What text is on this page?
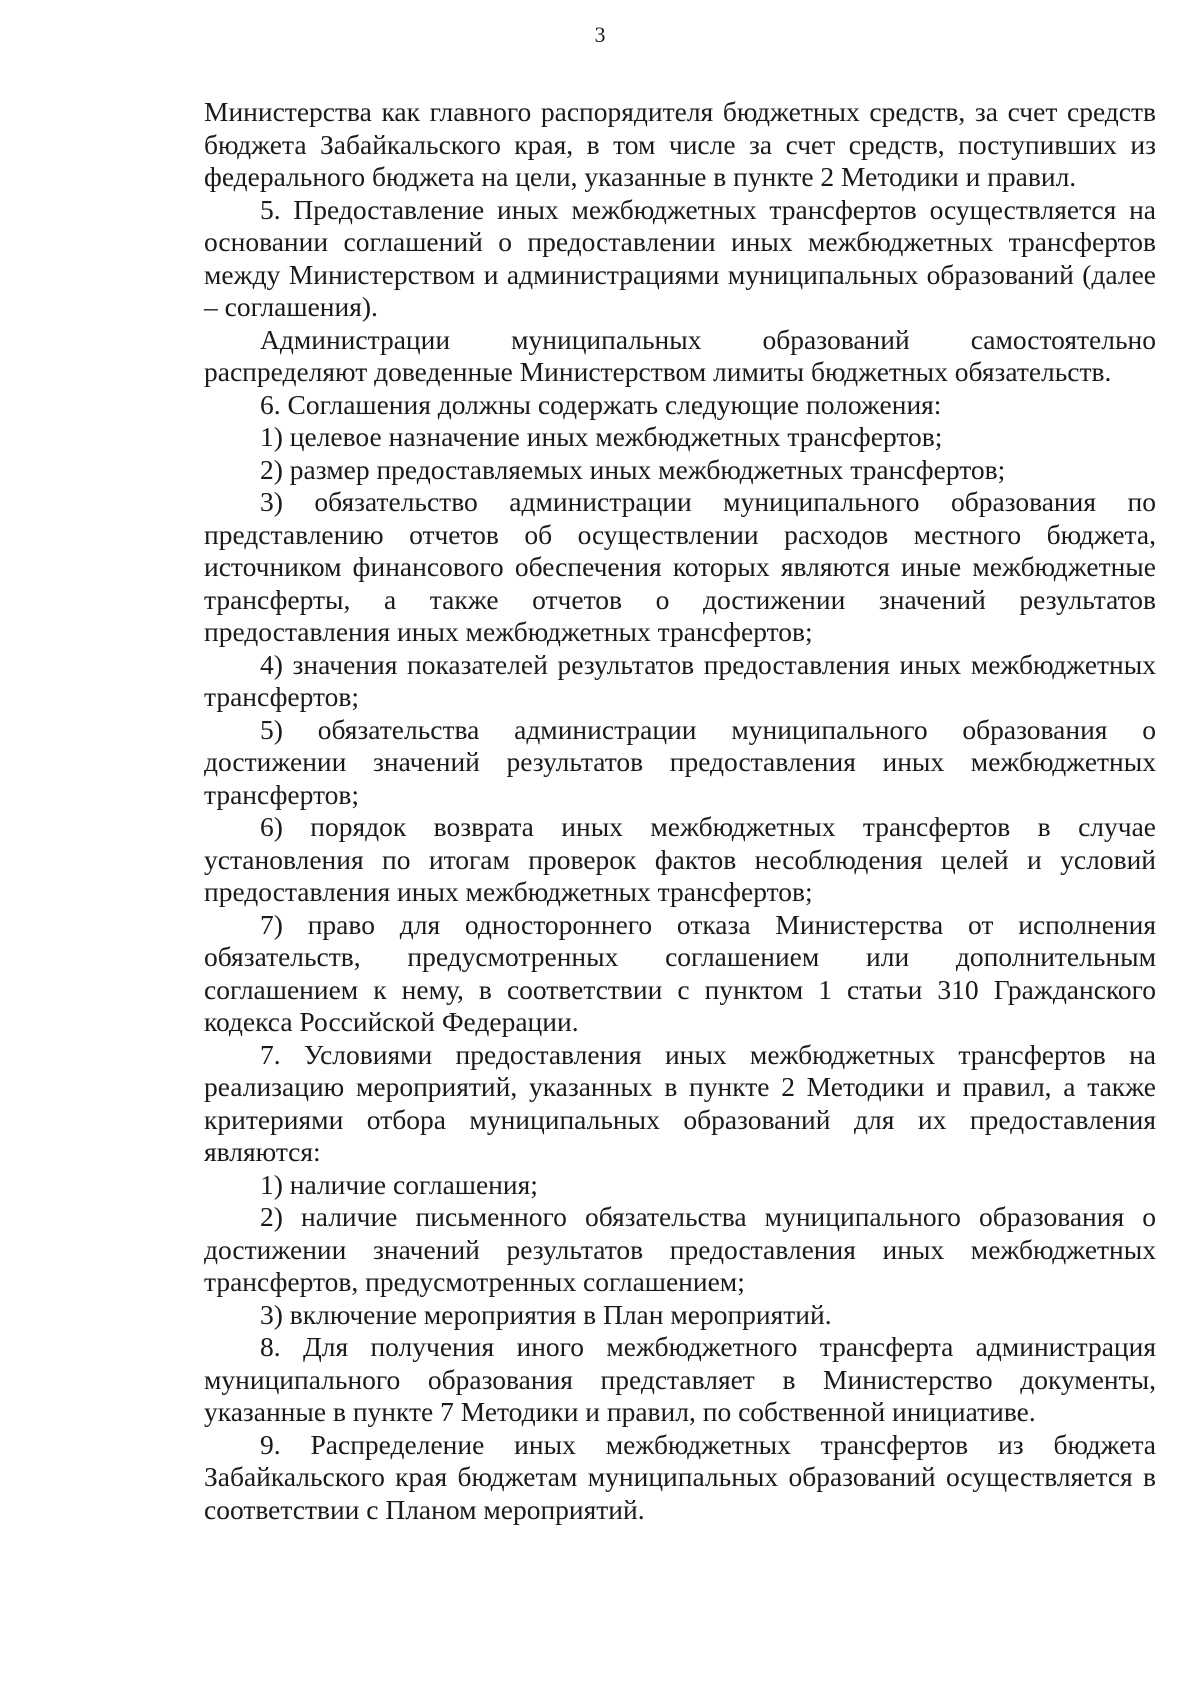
3

Министерства как главного распорядителя бюджетных средств, за счет средств бюджета Забайкальского края, в том числе за счет средств, поступивших из федерального бюджета на цели, указанные в пункте 2 Методики и правил.

5. Предоставление иных межбюджетных трансфертов осуществляется на основании соглашений о предоставлении иных межбюджетных трансфертов между Министерством и администрациями муниципальных образований (далее – соглашения).

Администрации муниципальных образований самостоятельно распределяют доведенные Министерством лимиты бюджетных обязательств.

6. Соглашения должны содержать следующие положения:

1) целевое назначение иных межбюджетных трансфертов;

2) размер предоставляемых иных межбюджетных трансфертов;

3) обязательство администрации муниципального образования по представлению отчетов об осуществлении расходов местного бюджета, источником финансового обеспечения которых являются иные межбюджетные трансферты, а также отчетов о достижении значений результатов предоставления иных межбюджетных трансфертов;

4) значения показателей результатов предоставления иных межбюджетных трансфертов;

5) обязательства администрации муниципального образования о достижении значений результатов предоставления иных межбюджетных трансфертов;

6) порядок возврата иных межбюджетных трансфертов в случае установления по итогам проверок фактов несоблюдения целей и условий предоставления иных межбюджетных трансфертов;

7) право для одностороннего отказа Министерства от исполнения обязательств, предусмотренных соглашением или дополнительным соглашением к нему, в соответствии с пунктом 1 статьи 310 Гражданского кодекса Российской Федерации.

7. Условиями предоставления иных межбюджетных трансфертов на реализацию мероприятий, указанных в пункте 2 Методики и правил, а также критериями отбора муниципальных образований для их предоставления являются:

1) наличие соглашения;

2) наличие письменного обязательства муниципального образования о достижении значений результатов предоставления иных межбюджетных трансфертов, предусмотренных соглашением;

3) включение мероприятия в План мероприятий.

8. Для получения иного межбюджетного трансферта администрация муниципального образования представляет в Министерство документы, указанные в пункте 7 Методики и правил, по собственной инициативе.

9. Распределение иных межбюджетных трансфертов из бюджета Забайкальского края бюджетам муниципальных образований осуществляется в соответствии с Планом мероприятий.
